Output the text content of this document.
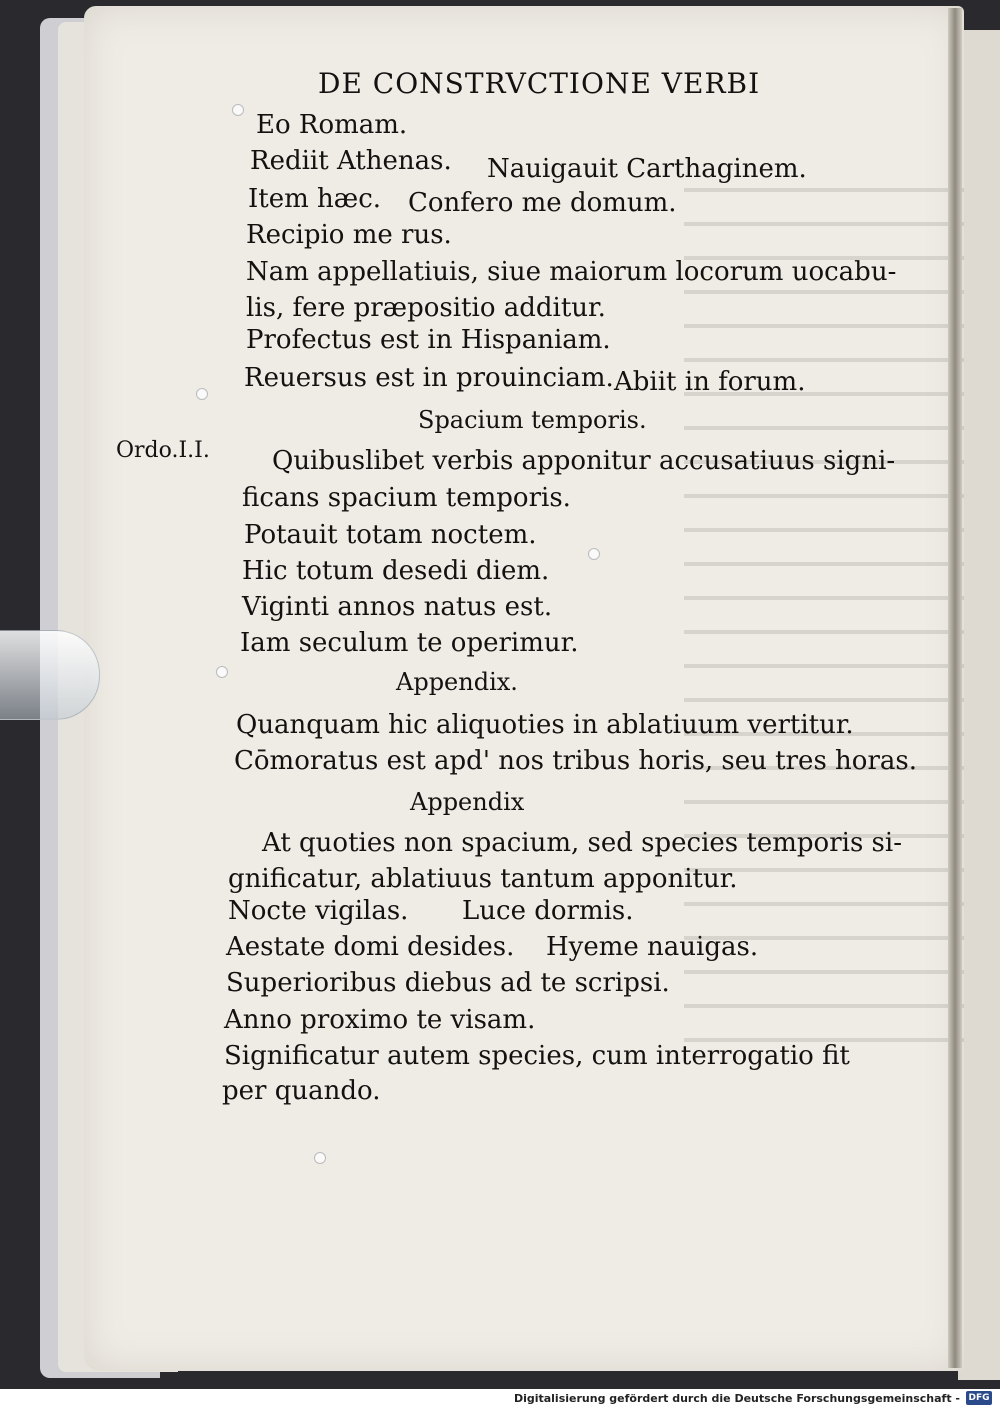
DE CONSTRVCTIONE VERBI
Eo Romam.
Rediit Athenas. Nauigauit Carthaginem.
Item hæc. Confero me domum.
Recipio me rus.
Nam appellatiuis, siue maiorum locorum uocabu-
lis, fere præpositio additur.
Profectus est in Hispaniam.
Reuersus est in prouinciam. Abiit in forum.
Spacium temporis.
Ordo.I.I. Quibuslibet verbis apponitur accusatiuus signi-
ficans spacium temporis.
Potauit totam noctem.
Hic totum desedi diem.
Viginti annos natus est.
Iam seculum te operimur.
Appendix.
Quanquam hic aliquoties in ablatiuum vertitur.
Cōmoratus est apd' nos tribus horis, seu tres horas.
Appendix
At quoties non spacium, sed species temporis si-
gnificatur, ablatiuus tantum apponitur.
Nocte vigilas. Luce dormis.
Aestate domi desides. Hyeme nauigas.
Superioribus diebus ad te scripsi.
Anno proximo te visam.
Significatur autem species, cum interrogatio fit
per quando.
Digitalisierung gefördert durch die Deutsche Forschungsgemeinschaft - DFG
